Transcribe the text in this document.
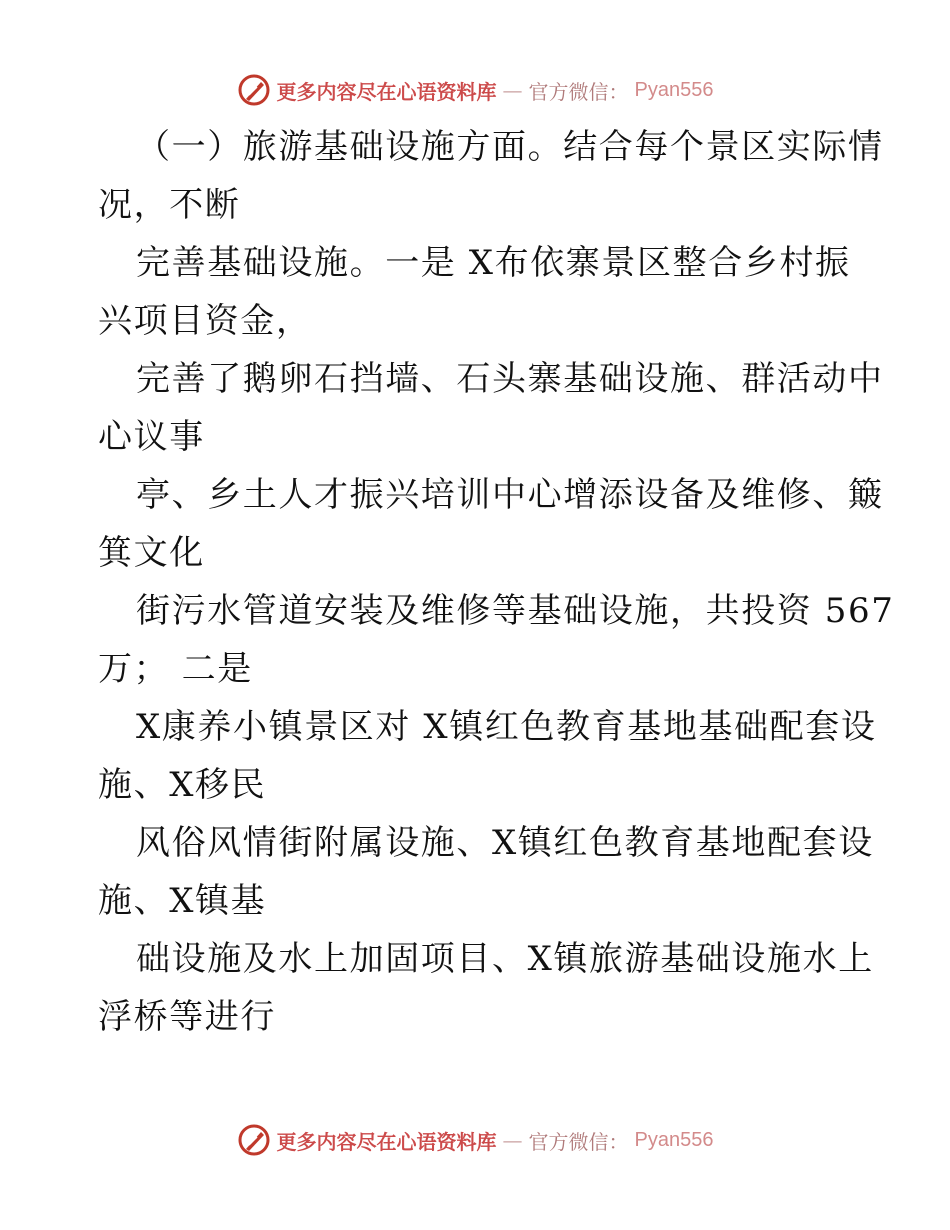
更多内容尽在心语资料库 — 官方微信： Pyan556

（一）旅游基础设施方面。结合每个景区实际情

况，不断

完善基础设施。一是 X布依寨景区整合乡村振

兴项目资金，

完善了鹅卵石挡墙、石头寨基础设施、群活动中

心议事

亭、乡土人才振兴培训中心增添设备及维修、簸

箕文化

街污水管道安装及维修等基础设施，共投资 567

万； 二是

X康养小镇景区对 X镇红色教育基地基础配套设

施、X移民

风俗风情街附属设施、X镇红色教育基地配套设

施、X镇基

础设施及水上加固项目、X镇旅游基础设施水上

浮桥等进行

更多内容尽在心语资料库 — 官方微信： Pyan556
